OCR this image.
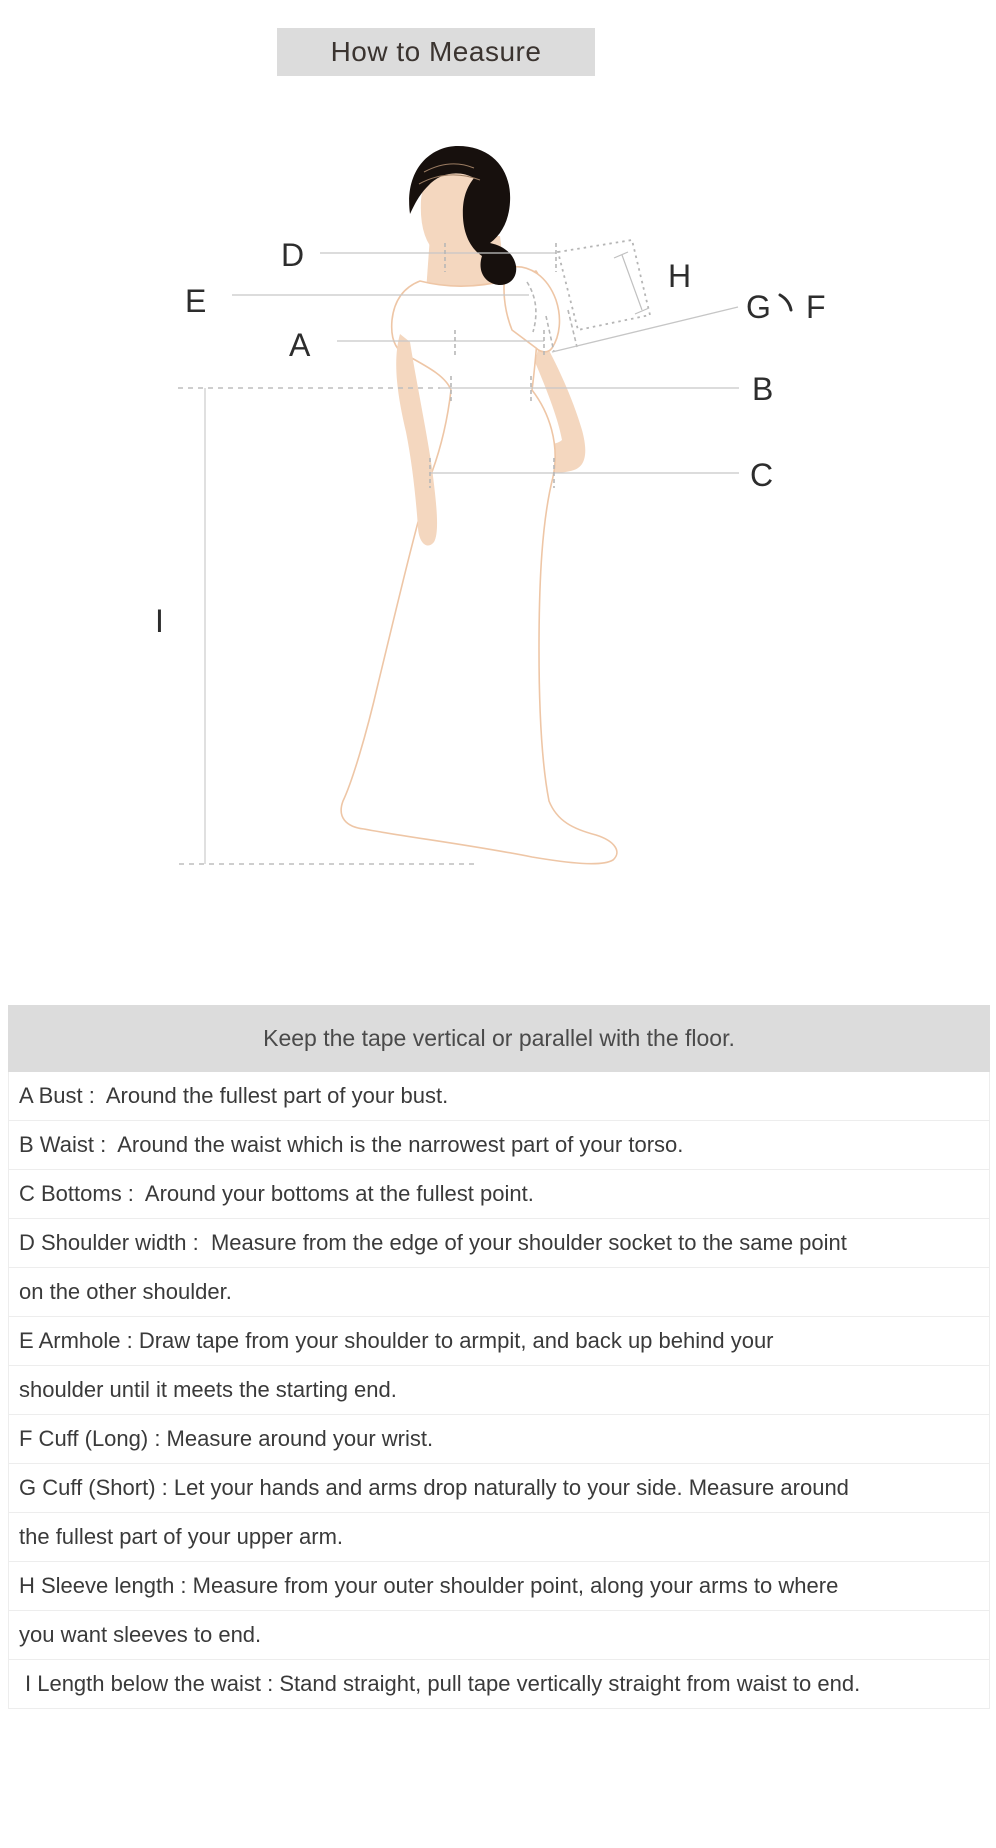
How to Measure
D
E
A
H
G F
B
C
I
Keep the tape vertical or parallel with the floor.
A Bust :  Around the fullest part of your bust.
B Waist :  Around the waist which is the narrowest part of your torso.
C Bottoms :  Around your bottoms at the fullest point.
D Shoulder width :  Measure from the edge of your shoulder socket to the same point
on the other shoulder.
E Armhole : Draw tape from your shoulder to armpit, and back up behind your
shoulder until it meets the starting end.
F Cuff (Long) : Measure around your wrist.
G Cuff (Short) : Let your hands and arms drop naturally to your side. Measure around
the fullest part of your upper arm.
H Sleeve length : Measure from your outer shoulder point, along your arms to where
you want sleeves to end.
I Length below the waist : Stand straight, pull tape vertically straight from waist to end.
